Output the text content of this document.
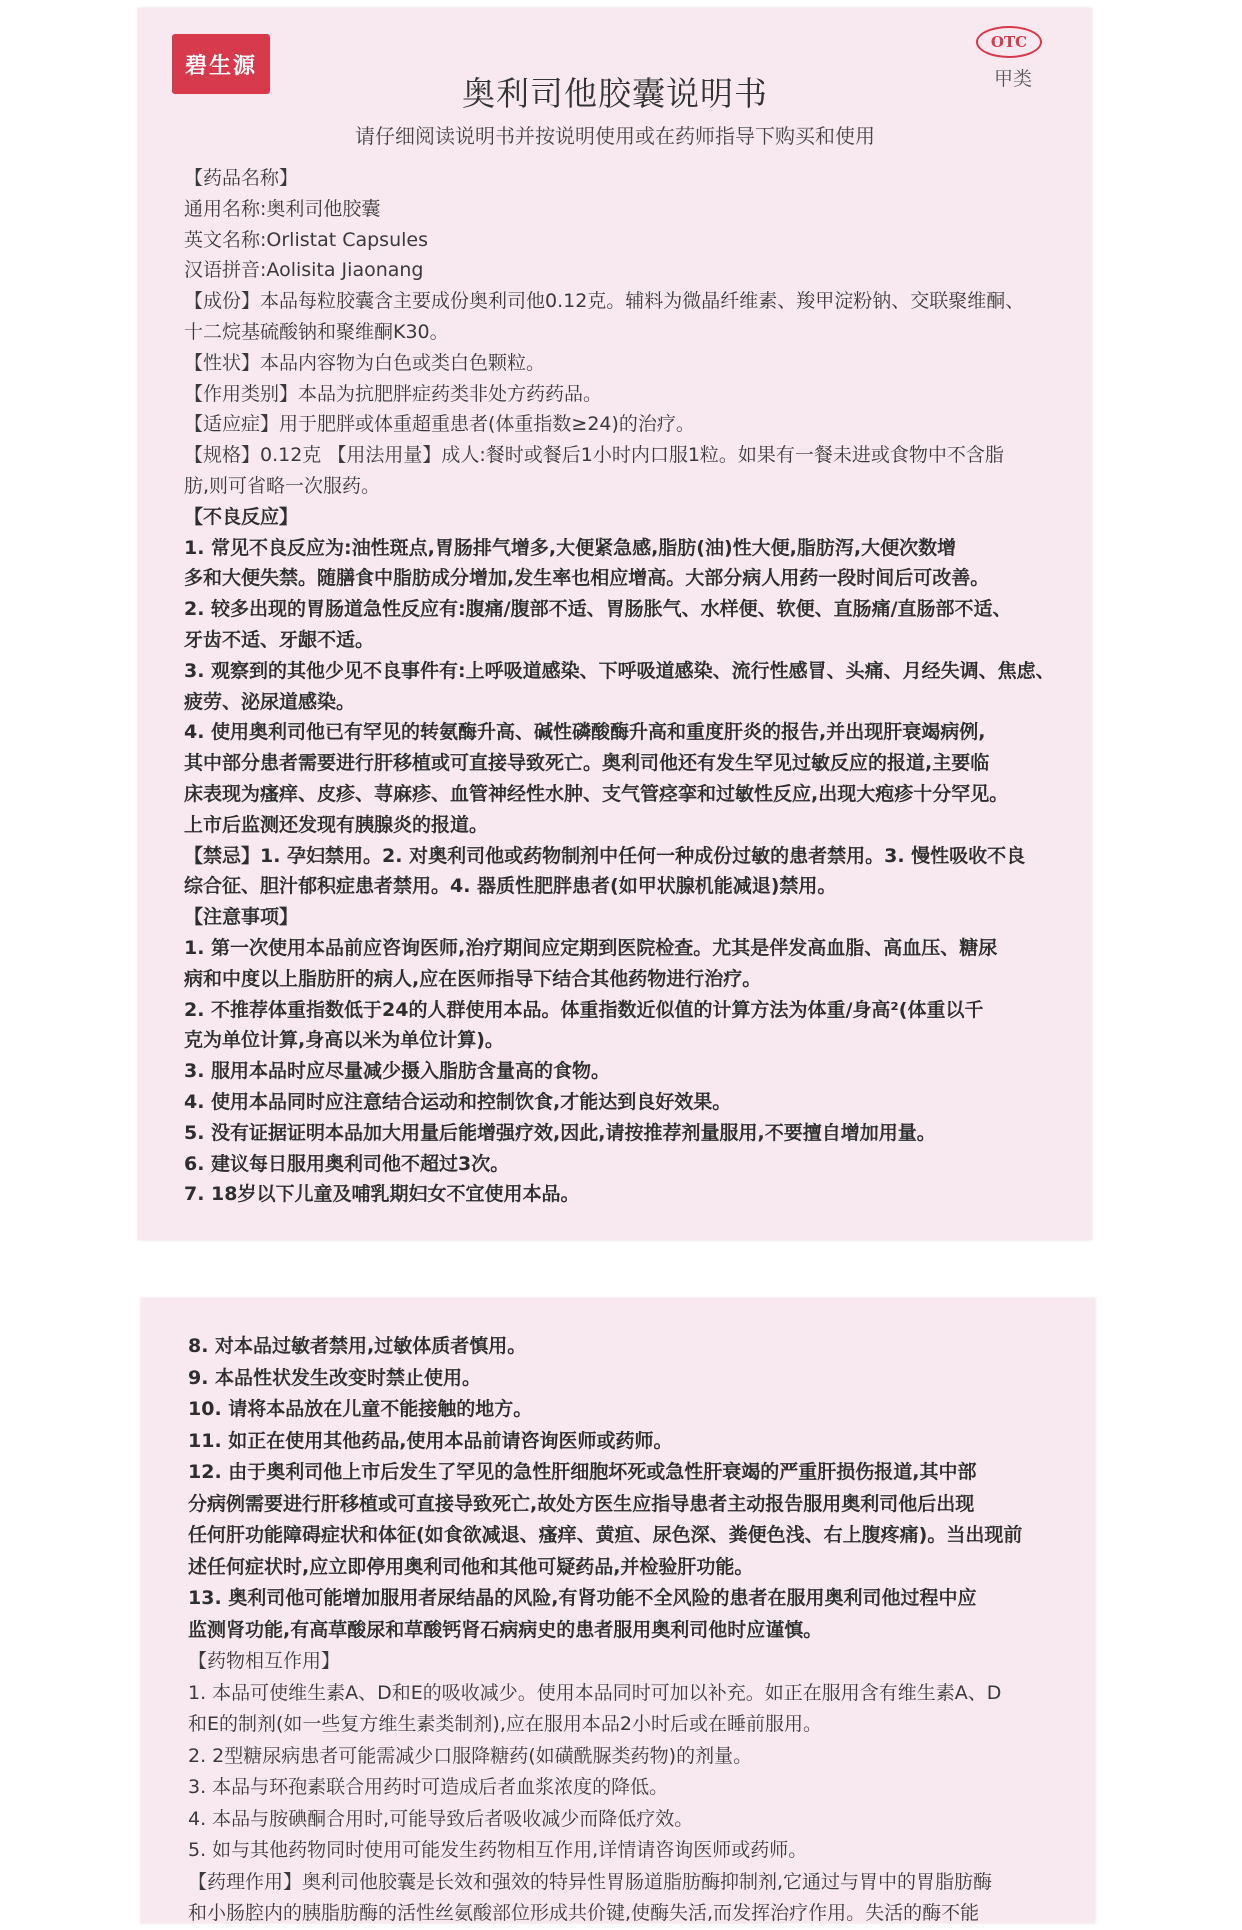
碧生源
OTC
甲类
奥利司他胶囊说明书
请仔细阅读说明书并按说明使用或在药师指导下购买和使用
【药品名称】
通用名称:奥利司他胶囊
英文名称:Orlistat Capsules
汉语拼音:Aolisita Jiaonang
【成份】本品每粒胶囊含主要成份奥利司他0.12克。辅料为微晶纤维素、羧甲淀粉钠、交联聚维酮、
十二烷基硫酸钠和聚维酮K30。
【性状】本品内容物为白色或类白色颗粒。
【作用类别】本品为抗肥胖症药类非处方药药品。
【适应症】用于肥胖或体重超重患者(体重指数≥24)的治疗。
【规格】0.12克 【用法用量】成人:餐时或餐后1小时内口服1粒。如果有一餐未进或食物中不含脂
肪,则可省略一次服药。
【不良反应】
1. 常见不良反应为:油性斑点,胃肠排气增多,大便紧急感,脂肪(油)性大便,脂肪泻,大便次数增
多和大便失禁。随膳食中脂肪成分增加,发生率也相应增高。大部分病人用药一段时间后可改善。
2. 较多出现的胃肠道急性反应有:腹痛/腹部不适、胃肠胀气、水样便、软便、直肠痛/直肠部不适、
牙齿不适、牙龈不适。
3. 观察到的其他少见不良事件有:上呼吸道感染、下呼吸道感染、流行性感冒、头痛、月经失调、焦虑、
疲劳、泌尿道感染。
4. 使用奥利司他已有罕见的转氨酶升高、碱性磷酸酶升高和重度肝炎的报告,并出现肝衰竭病例,
其中部分患者需要进行肝移植或可直接导致死亡。奥利司他还有发生罕见过敏反应的报道,主要临
床表现为瘙痒、皮疹、荨麻疹、血管神经性水肿、支气管痉挛和过敏性反应,出现大疱疹十分罕见。
上市后监测还发现有胰腺炎的报道。
【禁忌】1. 孕妇禁用。2. 对奥利司他或药物制剂中任何一种成份过敏的患者禁用。3. 慢性吸收不良
综合征、胆汁郁积症患者禁用。4. 器质性肥胖患者(如甲状腺机能减退)禁用。
【注意事项】
1. 第一次使用本品前应咨询医师,治疗期间应定期到医院检查。尤其是伴发高血脂、高血压、糖尿
病和中度以上脂肪肝的病人,应在医师指导下结合其他药物进行治疗。
2. 不推荐体重指数低于24的人群使用本品。体重指数近似值的计算方法为体重/身高²(体重以千
克为单位计算,身高以米为单位计算)。
3. 服用本品时应尽量减少摄入脂肪含量高的食物。
4. 使用本品同时应注意结合运动和控制饮食,才能达到良好效果。
5. 没有证据证明本品加大用量后能增强疗效,因此,请按推荐剂量服用,不要擅自增加用量。
6. 建议每日服用奥利司他不超过3次。
7. 18岁以下儿童及哺乳期妇女不宜使用本品。
8. 对本品过敏者禁用,过敏体质者慎用。
9. 本品性状发生改变时禁止使用。
10. 请将本品放在儿童不能接触的地方。
11. 如正在使用其他药品,使用本品前请咨询医师或药师。
12. 由于奥利司他上市后发生了罕见的急性肝细胞坏死或急性肝衰竭的严重肝损伤报道,其中部
分病例需要进行肝移植或可直接导致死亡,故处方医生应指导患者主动报告服用奥利司他后出现
任何肝功能障碍症状和体征(如食欲减退、瘙痒、黄疸、尿色深、粪便色浅、右上腹疼痛)。当出现前
述任何症状时,应立即停用奥利司他和其他可疑药品,并检验肝功能。
13. 奥利司他可能增加服用者尿结晶的风险,有肾功能不全风险的患者在服用奥利司他过程中应
监测肾功能,有高草酸尿和草酸钙肾石病病史的患者服用奥利司他时应谨慎。
【药物相互作用】
1. 本品可使维生素A、D和E的吸收减少。使用本品同时可加以补充。如正在服用含有维生素A、D
和E的制剂(如一些复方维生素类制剂),应在服用本品2小时后或在睡前服用。
2. 2型糖尿病患者可能需减少口服降糖药(如磺酰脲类药物)的剂量。
3. 本品与环孢素联合用药时可造成后者血浆浓度的降低。
4. 本品与胺碘酮合用时,可能导致后者吸收减少而降低疗效。
5. 如与其他药物同时使用可能发生药物相互作用,详情请咨询医师或药师。
【药理作用】奥利司他胶囊是长效和强效的特异性胃肠道脂肪酶抑制剂,它通过与胃中的胃脂肪酶
和小肠腔内的胰脂肪酶的活性丝氨酸部位形成共价键,使酶失活,而发挥治疗作用。失活的酶不能
